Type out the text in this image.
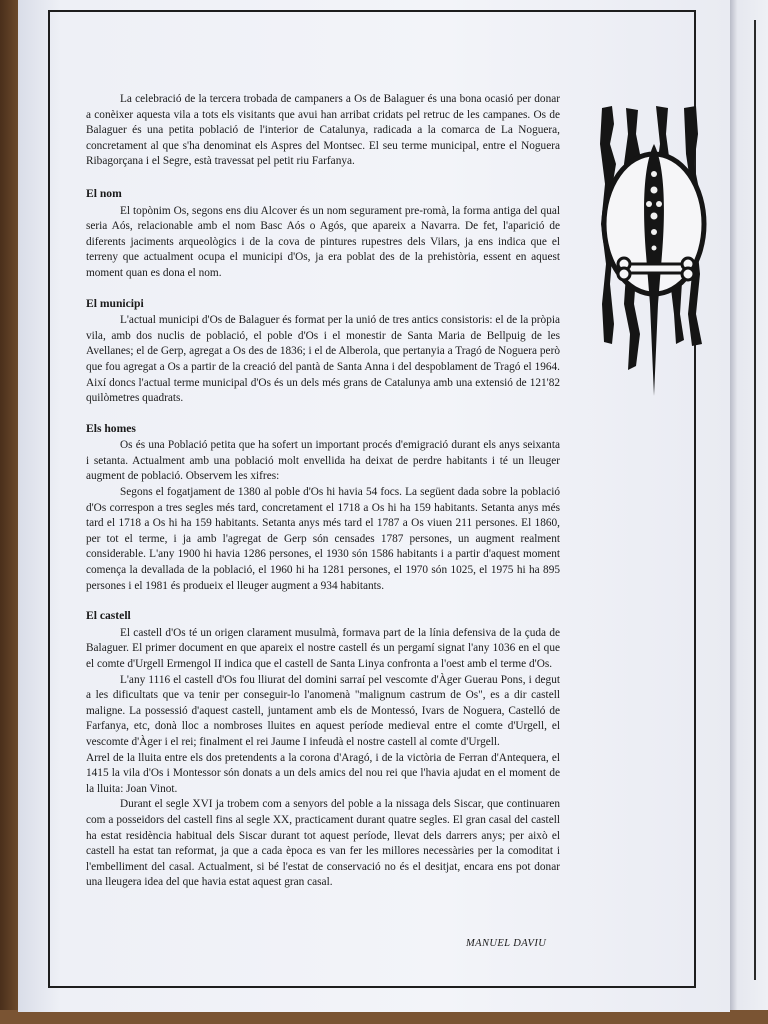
La celebració de la tercera trobada de campaners a Os de Balaguer és una bona ocasió per donar a conèixer aquesta vila a tots els visitants que avui han arribat cridats pel retruc de les campanes. Os de Balaguer és una petita població de l'interior de Catalunya, radicada a la comarca de La Noguera, concretament al que s'ha denominat els Aspres del Montsec. El seu terme municipal, entre el Noguera Ribagorçana i el Segre, està travessat pel petit riu Farfanya.

El nom

El topònim Os, segons ens diu Alcover és un nom segurament pre-romà, la forma antiga del qual seria Aós, relacionable amb el nom Basc Aós o Agós, que apareix a Navarra. De fet, l'aparició de diferents jaciments arqueològics i de la cova de pintures rupestres dels Vilars, ja ens indica que el terreny que actualment ocupa el municipi d'Os, ja era poblat des de la prehistòria, essent en aquest moment quan es dona el nom.

El municipi

L'actual municipi d'Os de Balaguer és format per la unió de tres antics consistoris: el de la pròpia vila, amb dos nuclis de població, el poble d'Os i el monestir de Santa Maria de Bellpuig de les Avellanes; el de Gerp, agregat a Os des de 1836; i el de Alberola, que pertanyia a Tragó de Noguera però que fou agregat a Os a partir de la creació del pantà de Santa Anna i del despoblament de Tragó el 1964. Així doncs l'actual terme municipal d'Os és un dels més grans de Catalunya amb una extensió de 121'82 quilòmetres quadrats.

Els homes

Os és una Població petita que ha sofert un important procés d'emigració durant els anys seixanta i setanta. Actualment amb una població molt envellida ha deixat de perdre habitants i té un lleuger augment de població. Observem les xifres:

Segons el fogatjament de 1380 al poble d'Os hi havia 54 focs. La següent dada sobre la població d'Os correspon a tres segles més tard, concretament el 1718 a Os hi ha 159 habitants. Setanta anys més tard el 1718 a Os hi ha 159 habitants. Setanta anys més tard el 1787 a Os viuen 211 persones. El 1860, per tot el terme, i ja amb l'agregat de Gerp són censades 1787 persones, un augment realment considerable. L'any 1900 hi havia 1286 persones, el 1930 són 1586 habitants i a partir d'aquest moment comença la devallada de la població, el 1960 hi ha 1281 persones, el 1970 són 1025, el 1975 hi ha 895 persones i el 1981 és produeix el lleuger augment a 934 habitants.

El castell

El castell d'Os té un origen clarament musulmà, formava part de la línia defensiva de la çuda de Balaguer. El primer document en que apareix el nostre castell és un pergamí signat l'any 1036 en el que el comte d'Urgell Ermengol II indica que el castell de Santa Linya confronta a l'oest amb el terme d'Os.

L'any 1116 el castell d'Os fou lliurat del domini sarraí pel vescomte d'Àger Guerau Pons, i degut a les dificultats que va tenir per conseguir-lo l'anomenà "malignum castrum de Os", es a dir castell maligne. La possessió d'aquest castell, juntament amb els de Montessó, Ivars de Noguera, Castelló de Farfanya, etc, donà lloc a nombroses lluites en aquest període medieval entre el comte d'Urgell, el vescomte d'Àger i el rei; finalment el rei Jaume I infeudà el nostre castell al comte d'Urgell.

Arrel de la lluita entre els dos pretendents a la corona d'Aragó, i de la victòria de Ferran d'Antequera, el 1415 la vila d'Os i Montessor són donats a un dels amics del nou rei que l'havia ajudat en el moment de la lluita: Joan Vinot.

Durant el segle XVI ja trobem com a senyors del poble a la nissaga dels Siscar, que continuaren com a posseidors del castell fins al segle XX, practicament durant quatre segles. El gran casal del castell ha estat residència habitual dels Siscar durant tot aquest període, llevat dels darrers anys; per això el castell ha estat tan reformat, ja que a cada època es van fer les millores necessàries per la comoditat i l'embelliment del casal. Actualment, si bé l'estat de conservació no és el desitjat, encara ens pot donar una lleugera idea del que havia estat aquest gran casal.

MANUEL DAVIU
